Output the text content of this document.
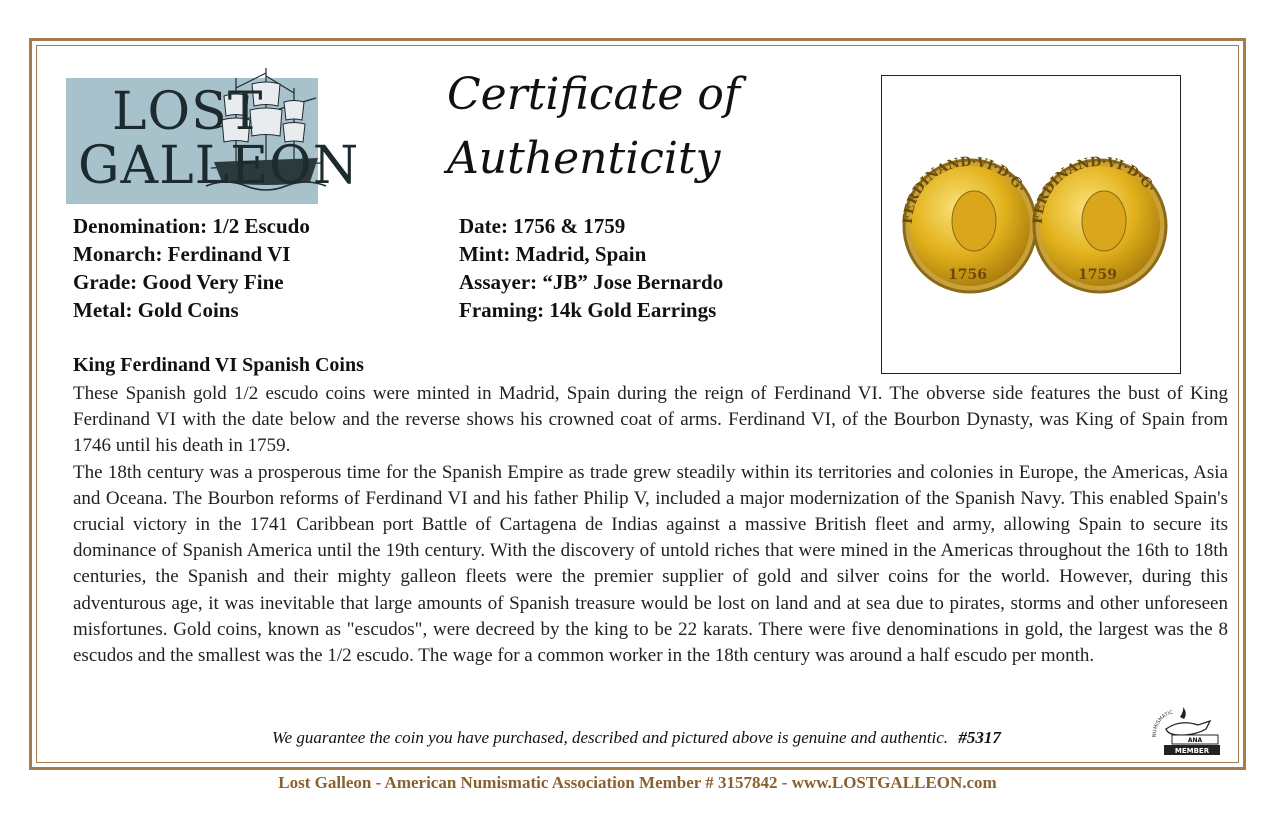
LOST
GALLEON
Certificate of
Authenticity
FERDINAND·VI·D·G·
1756
FERDINAND·VI·D·G·
1759
Denomination: 1/2 Escudo
Monarch: Ferdinand VI
Grade: Good Very Fine
Metal: Gold Coins
Date: 1756 & 1759
Mint: Madrid, Spain
Assayer: “JB” Jose Bernardo
Framing: 14k Gold Earrings
King Ferdinand VI Spanish Coins

These Spanish gold 1/2 escudo coins were minted in Madrid, Spain during the reign of Ferdinand VI. The obverse side features the bust of King Ferdinand VI with the date below and the reverse shows his crowned coat of arms. Ferdinand VI, of the Bourbon Dynasty, was King of Spain from 1746 until his death in 1759.

The 18th century was a prosperous time for the Spanish Empire as trade grew steadily within its territories and colonies in Europe, the Americas, Asia and Oceana. The Bourbon reforms of Ferdinand VI and his father Philip V, included a major modernization of the Spanish Navy. This enabled Spain's crucial victory in the 1741 Caribbean port Battle of Cartagena de Indias against a massive British fleet and army, allowing Spain to secure its dominance of Spanish America until the 19th century. With the discovery of untold riches that were mined in the Americas throughout the 16th to 18th centuries, the Spanish and their mighty galleon fleets were the premier supplier of gold and silver coins for the world. However, during this adventurous age, it was inevitable that large amounts of Spanish treasure would be lost on land and at sea due to pirates, storms and other unforeseen misfortunes. Gold coins, known as "escudos", were decreed by the king to be 22 karats. There were five denominations in gold, the largest was the 8 escudos and the smallest was the 1/2 escudo. The wage for a common worker in the 18th century was around a half escudo per month.

We guarantee the coin you have purchased, described and pictured above is genuine and authentic. #5317	NUMISMATIC
ANA
MEMBER
Lost Galleon - American Numismatic Association Member # 3157842 - www.LOSTGALLEON.com
